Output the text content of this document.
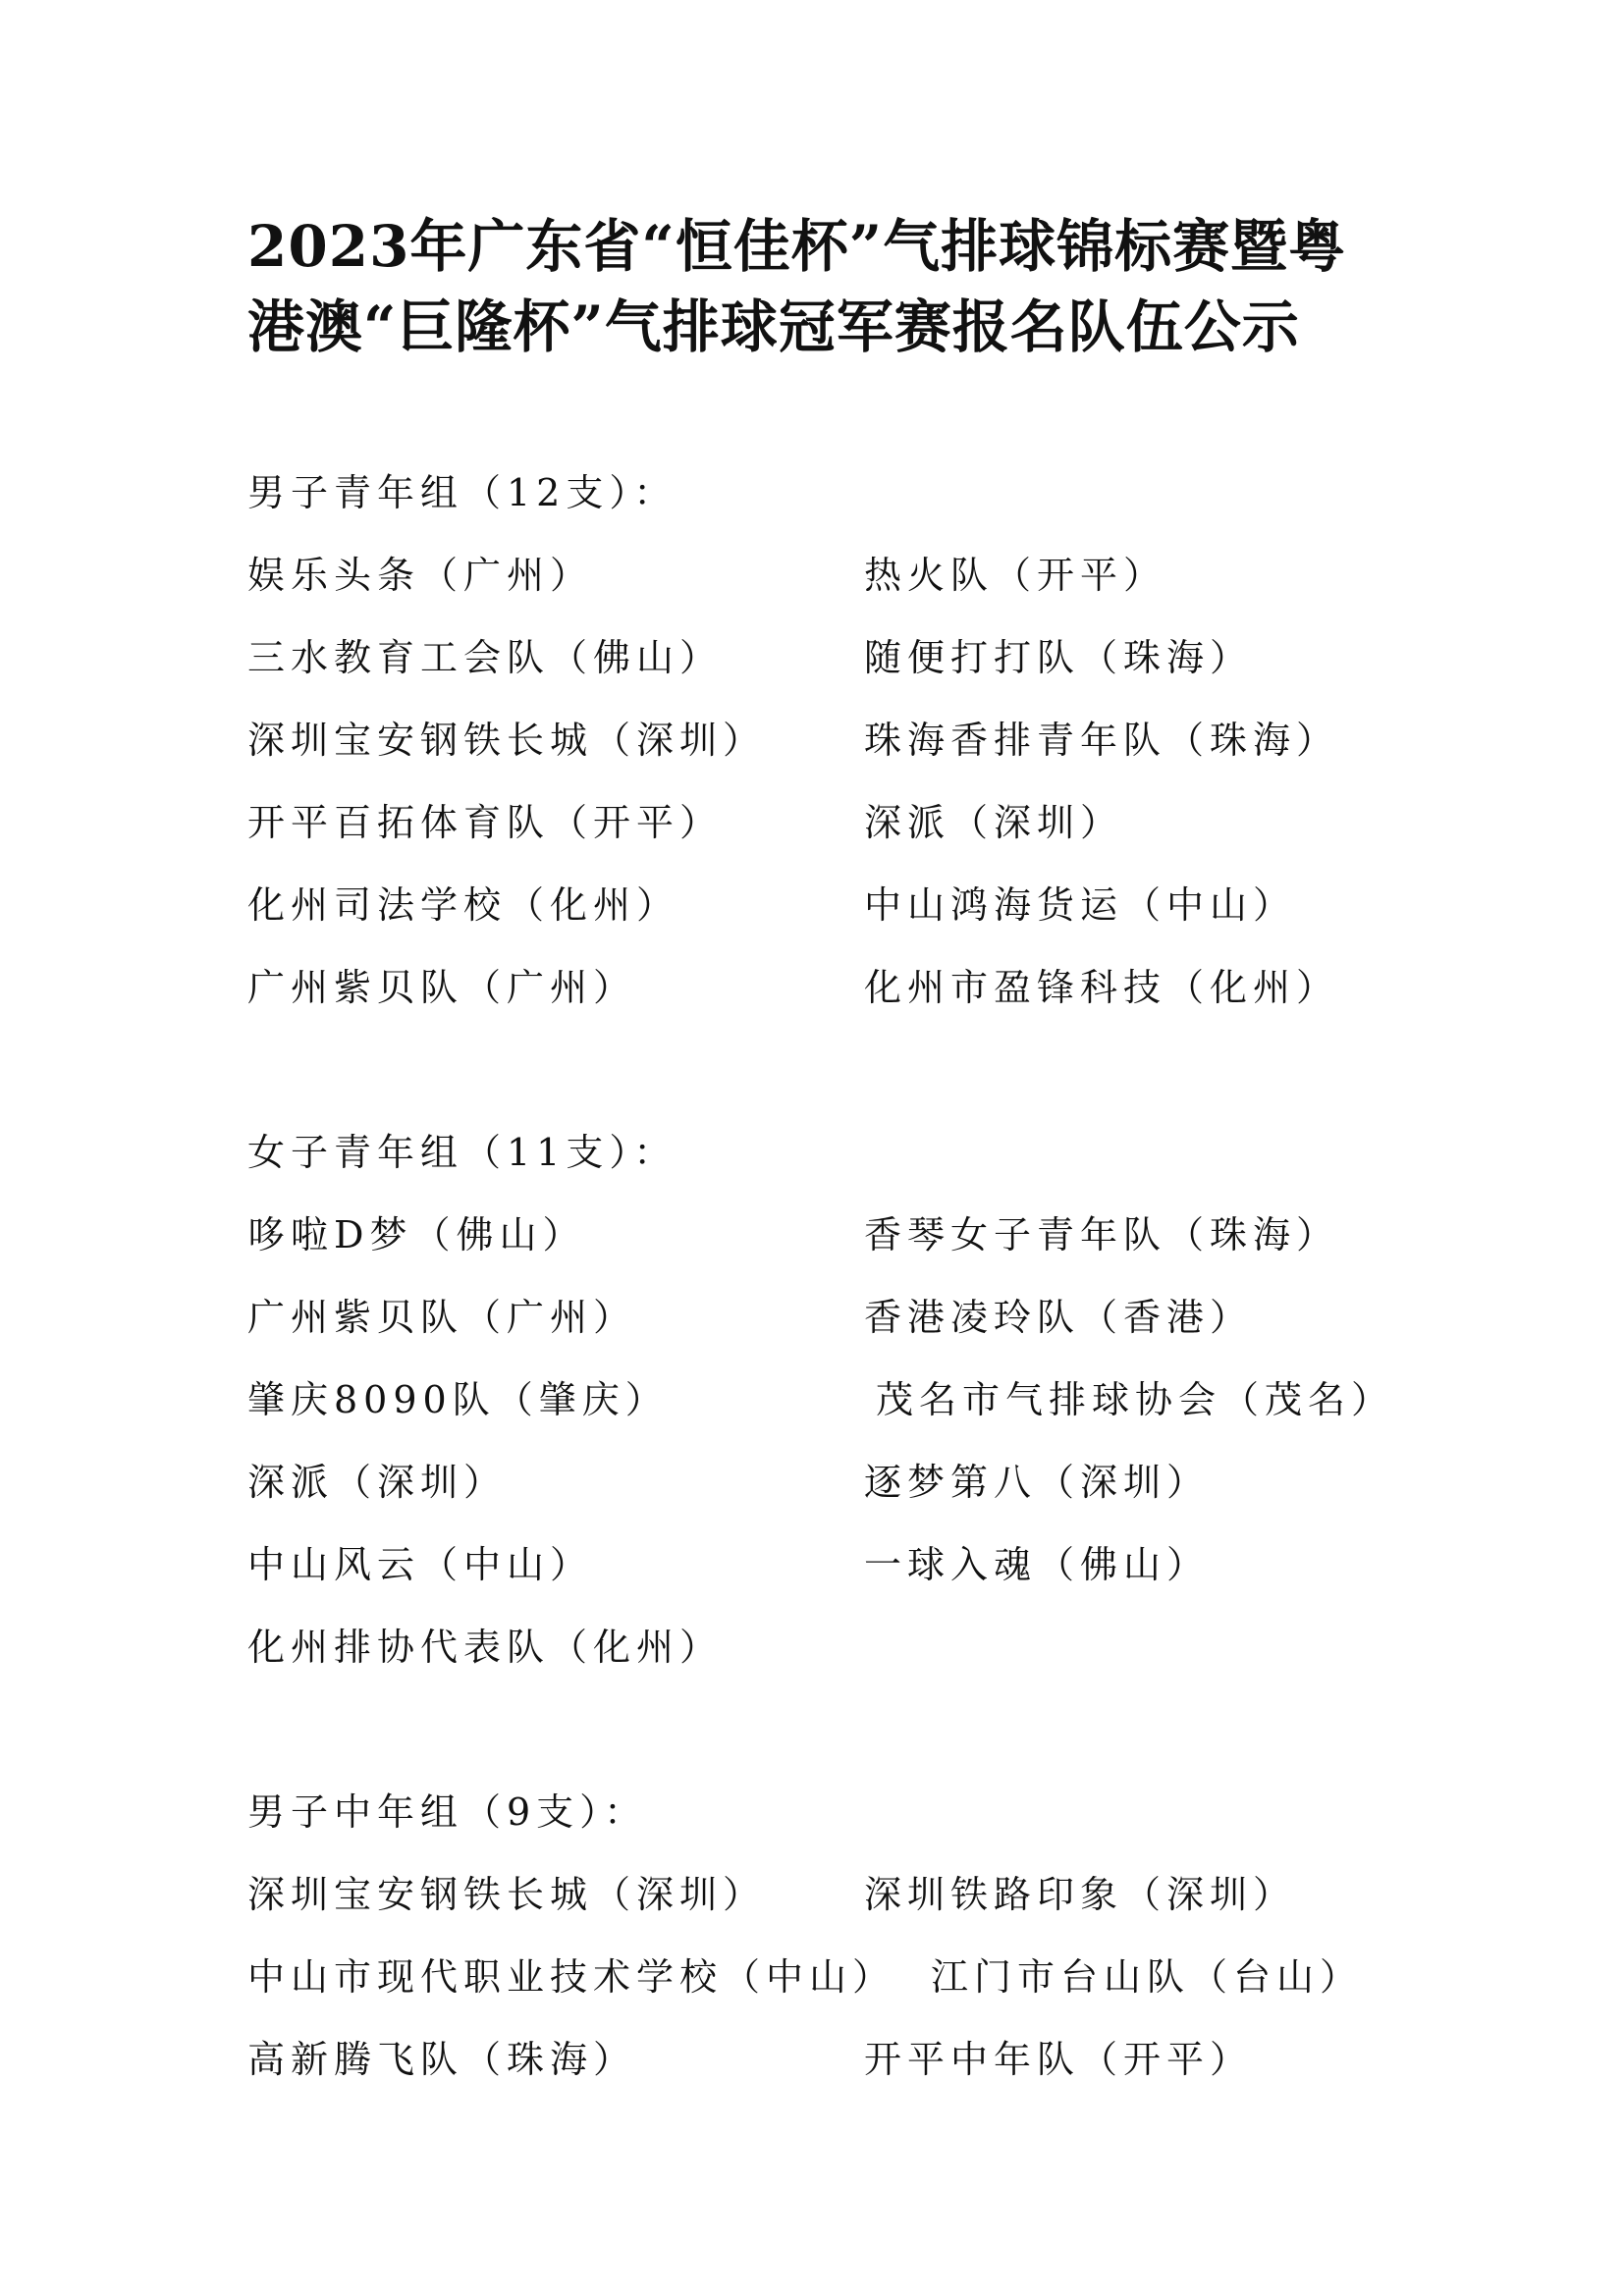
2023年广东省“恒佳杯”气排球锦标赛暨粤
港澳“巨隆杯”气排球冠军赛报名队伍公示
男子青年组（12支）：
娱乐头条（广州）	热火队（开平）
三水教育工会队（佛山）	随便打打队（珠海）
深圳宝安钢铁长城（深圳）	珠海香排青年队（珠海）
开平百拓体育队（开平）	深派（深圳）
化州司法学校（化州）	中山鸿海货运（中山）
广州紫贝队（广州）	化州市盈锋科技（化州）
女子青年组（11支）：
哆啦D梦（佛山）	香琴女子青年队（珠海）
广州紫贝队（广州）	香港凌玲队（香港）
肇庆8090队（肇庆）	茂名市气排球协会（茂名）
深派（深圳）	逐梦第八（深圳）
中山风云（中山）	一球入魂（佛山）
化州排协代表队（化州）
男子中年组（9支）：
深圳宝安钢铁长城（深圳）	深圳铁路印象（深圳）
中山市现代职业技术学校（中山） 江门市台山队（台山）
高新腾飞队（珠海）	开平中年队（开平）
